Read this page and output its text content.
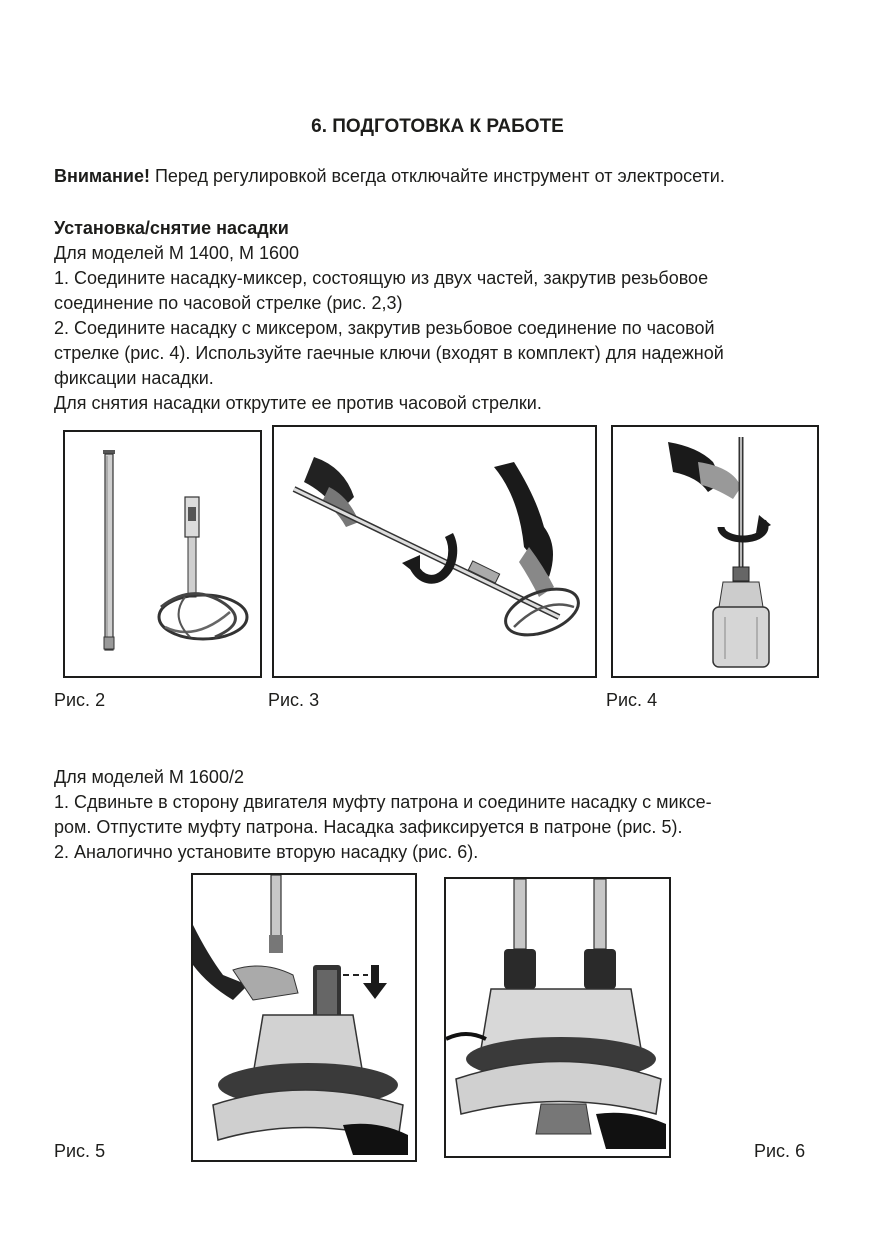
6. ПОДГОТОВКА К РАБОТЕ
Внимание! Перед регулировкой всегда отключайте инструмент от электросети.
Установка/снятие насадки
Для моделей М 1400, М 1600
1. Соедините насадку-миксер, состоящую из двух частей, закрутив резьбовое
соединение по часовой стрелке (рис. 2,3)
2. Соедините насадку с миксером, закрутив резьбовое соединение по часовой
стрелке (рис. 4). Используйте гаечные ключи (входят в комплект) для надежной
фиксации насадки.
Для снятия насадки открутите ее против часовой стрелки.
Рис. 2	Рис. 3	Рис. 4
Для моделей М 1600/2
1. Сдвиньте в сторону двигателя муфту патрона и соедините насадку с миксе-
ром. Отпустите муфту патрона. Насадка зафиксируется в патроне (рис. 5).
2. Аналогично установите вторую насадку (рис. 6).
Рис. 5	Рис. 6
